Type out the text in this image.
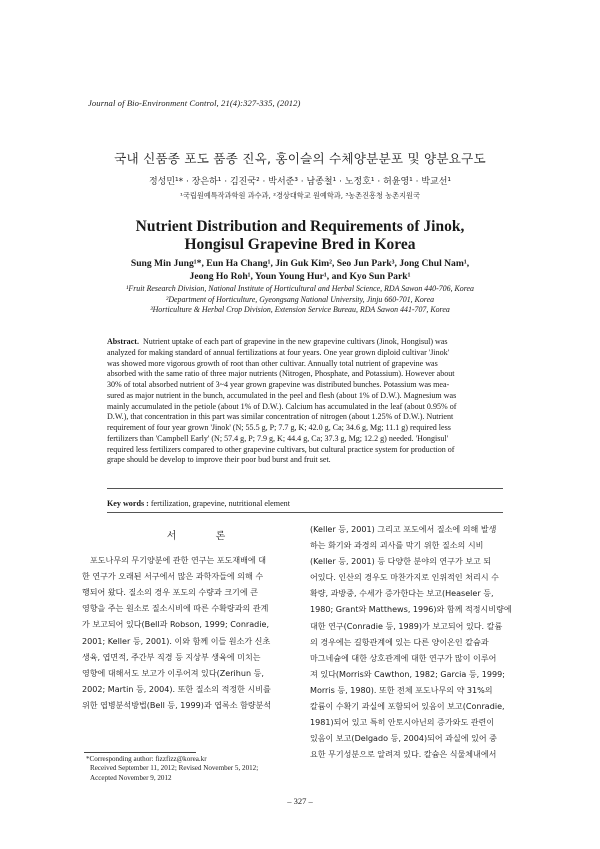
Journal of Bio-Environment Control, 21(4):327-335, (2012)
국내 신품종 포도 품종 진옥, 홍이슬의 수체양분분포 및 양분요구도
정성민¹* · 장은하¹ · 김진국² · 박서준³ · 남종철¹ · 노정호¹ · 허윤영¹ · 박교선¹
¹국립원예특작과학원 과수과, ²경상대학교 원예학과, ³농촌진흥청 농촌지원국
Nutrient Distribution and Requirements of Jinok,
Hongisul Grapevine Bred in Korea
Sung Min Jung¹*, Eun Ha Chang¹, Jin Guk Kim², Seo Jun Park³, Jong Chul Nam¹,
Jeong Ho Roh¹, Youn Young Hur¹, and Kyo Sun Park¹
¹Fruit Research Division, National Institute of Horticultural and Herbal Science, RDA Sawon 440-706, Korea
²Department of Horticulture, Gyeongsang National University, Jinju 660-701, Korea
³Horticulture & Herbal Crop Division, Extension Service Bureau, RDA Sawon 441-707, Korea
Abstract. Nutrient uptake of each part of grapevine in the new grapevine cultivars (Jinok, Hongisul) was
analyzed for making standard of annual fertilizations at four years. One year grown diploid cultivar 'Jinok'
was showed more vigorous growth of root than other cultivar. Annually total nutrient of grapevine was
absorbed with the same ratio of three major nutrients (Nitrogen, Phosphate, and Potassium). However about
30% of total absorbed nutrient of 3~4 year grown grapevine was distributed bunches. Potassium was mea-
sured as major nutrient in the bunch, accumulated in the peel and flesh (about 1% of D.W.). Magnesium was
mainly accumulated in the petiole (about 1% of D.W.). Calcium has accumulated in the leaf (about 0.95% of
D.W.), that concentration in this part was similar concentration of nitrogen (about 1.25% of D.W.). Nutrient
requirement of four year grown 'Jinok' (N; 55.5 g, P; 7.7 g, K; 42.0 g, Ca; 34.6 g, Mg; 11.1 g) required less
fertilizers than 'Campbell Early' (N; 57.4 g, P; 7.9 g, K; 44.4 g, Ca; 37.3 g, Mg; 12.2 g) needed. 'Hongisul'
required less fertilizers compared to other grapevine cultivars, but cultural practice system for production of
grape should be develop to improve their poor bud burst and fruit set.
Key words : fertilization, grapevine, nutritional element
서 론
포도나무의 무기양분에 관한 연구는 포도재배에 대
한 연구가 오래된 서구에서 많은 과학자들에 의해 수
행되어 왔다. 질소의 경우 포도의 수량과 크기에 큰
영향을 주는 원소로 질소시비에 따른 수확량과의 관계
가 보고되어 있다(Bell과 Robson, 1999; Conradie,
2001; Keller 등, 2001). 이와 함께 이들 원소가 신초
생육, 엽면적, 주간부 직경 등 지상부 생육에 미치는
영향에 대해서도 보고가 이루어져 있다(Zerihun 등,
2002; Martin 등, 2004). 또한 질소의 적정한 시비를
위한 엽병분석방법(Bell 등, 1999)과 엽록소 함량분석
(Keller 등, 2001) 그리고 포도에서 질소에 의해 발생
하는 화기와 과경의 괴사를 막기 위한 질소의 시비
(Keller 등, 2001) 등 다양한 분야의 연구가 보고 되
어있다. 인산의 경우도 마찬가지로 인위적인 처리시 수
확량, 과방중, 수세가 증가한다는 보고(Heaseler 등,
1980; Grant와 Matthews, 1996)와 함께 적정시비량에
대한 연구(Conradie 등, 1989)가 보고되어 있다. 칼륨
의 경우에는 길항관계에 있는 다른 양이온인 칼슘과
마그네슘에 대한 상호관계에 대한 연구가 많이 이루어
져 있다(Morris와 Cawthon, 1982; Garcia 등, 1999;
Morris 등, 1980). 또한 전체 포도나무의 약 31%의
칼륨이 수확기 과실에 포함되어 있음이 보고(Conradie,
1981)되어 있고 특히 안토시아닌의 증가와도 관련이
있음이 보고(Delgado 등, 2004)되어 과실에 있어 중
요한 무기성분으로 알려져 있다. 칼슘은 식물체내에서
*Corresponding author: fizzfizz@korea.kr
Received September 11, 2012; Revised November 5, 2012;
Accepted November 9, 2012
– 327 –
